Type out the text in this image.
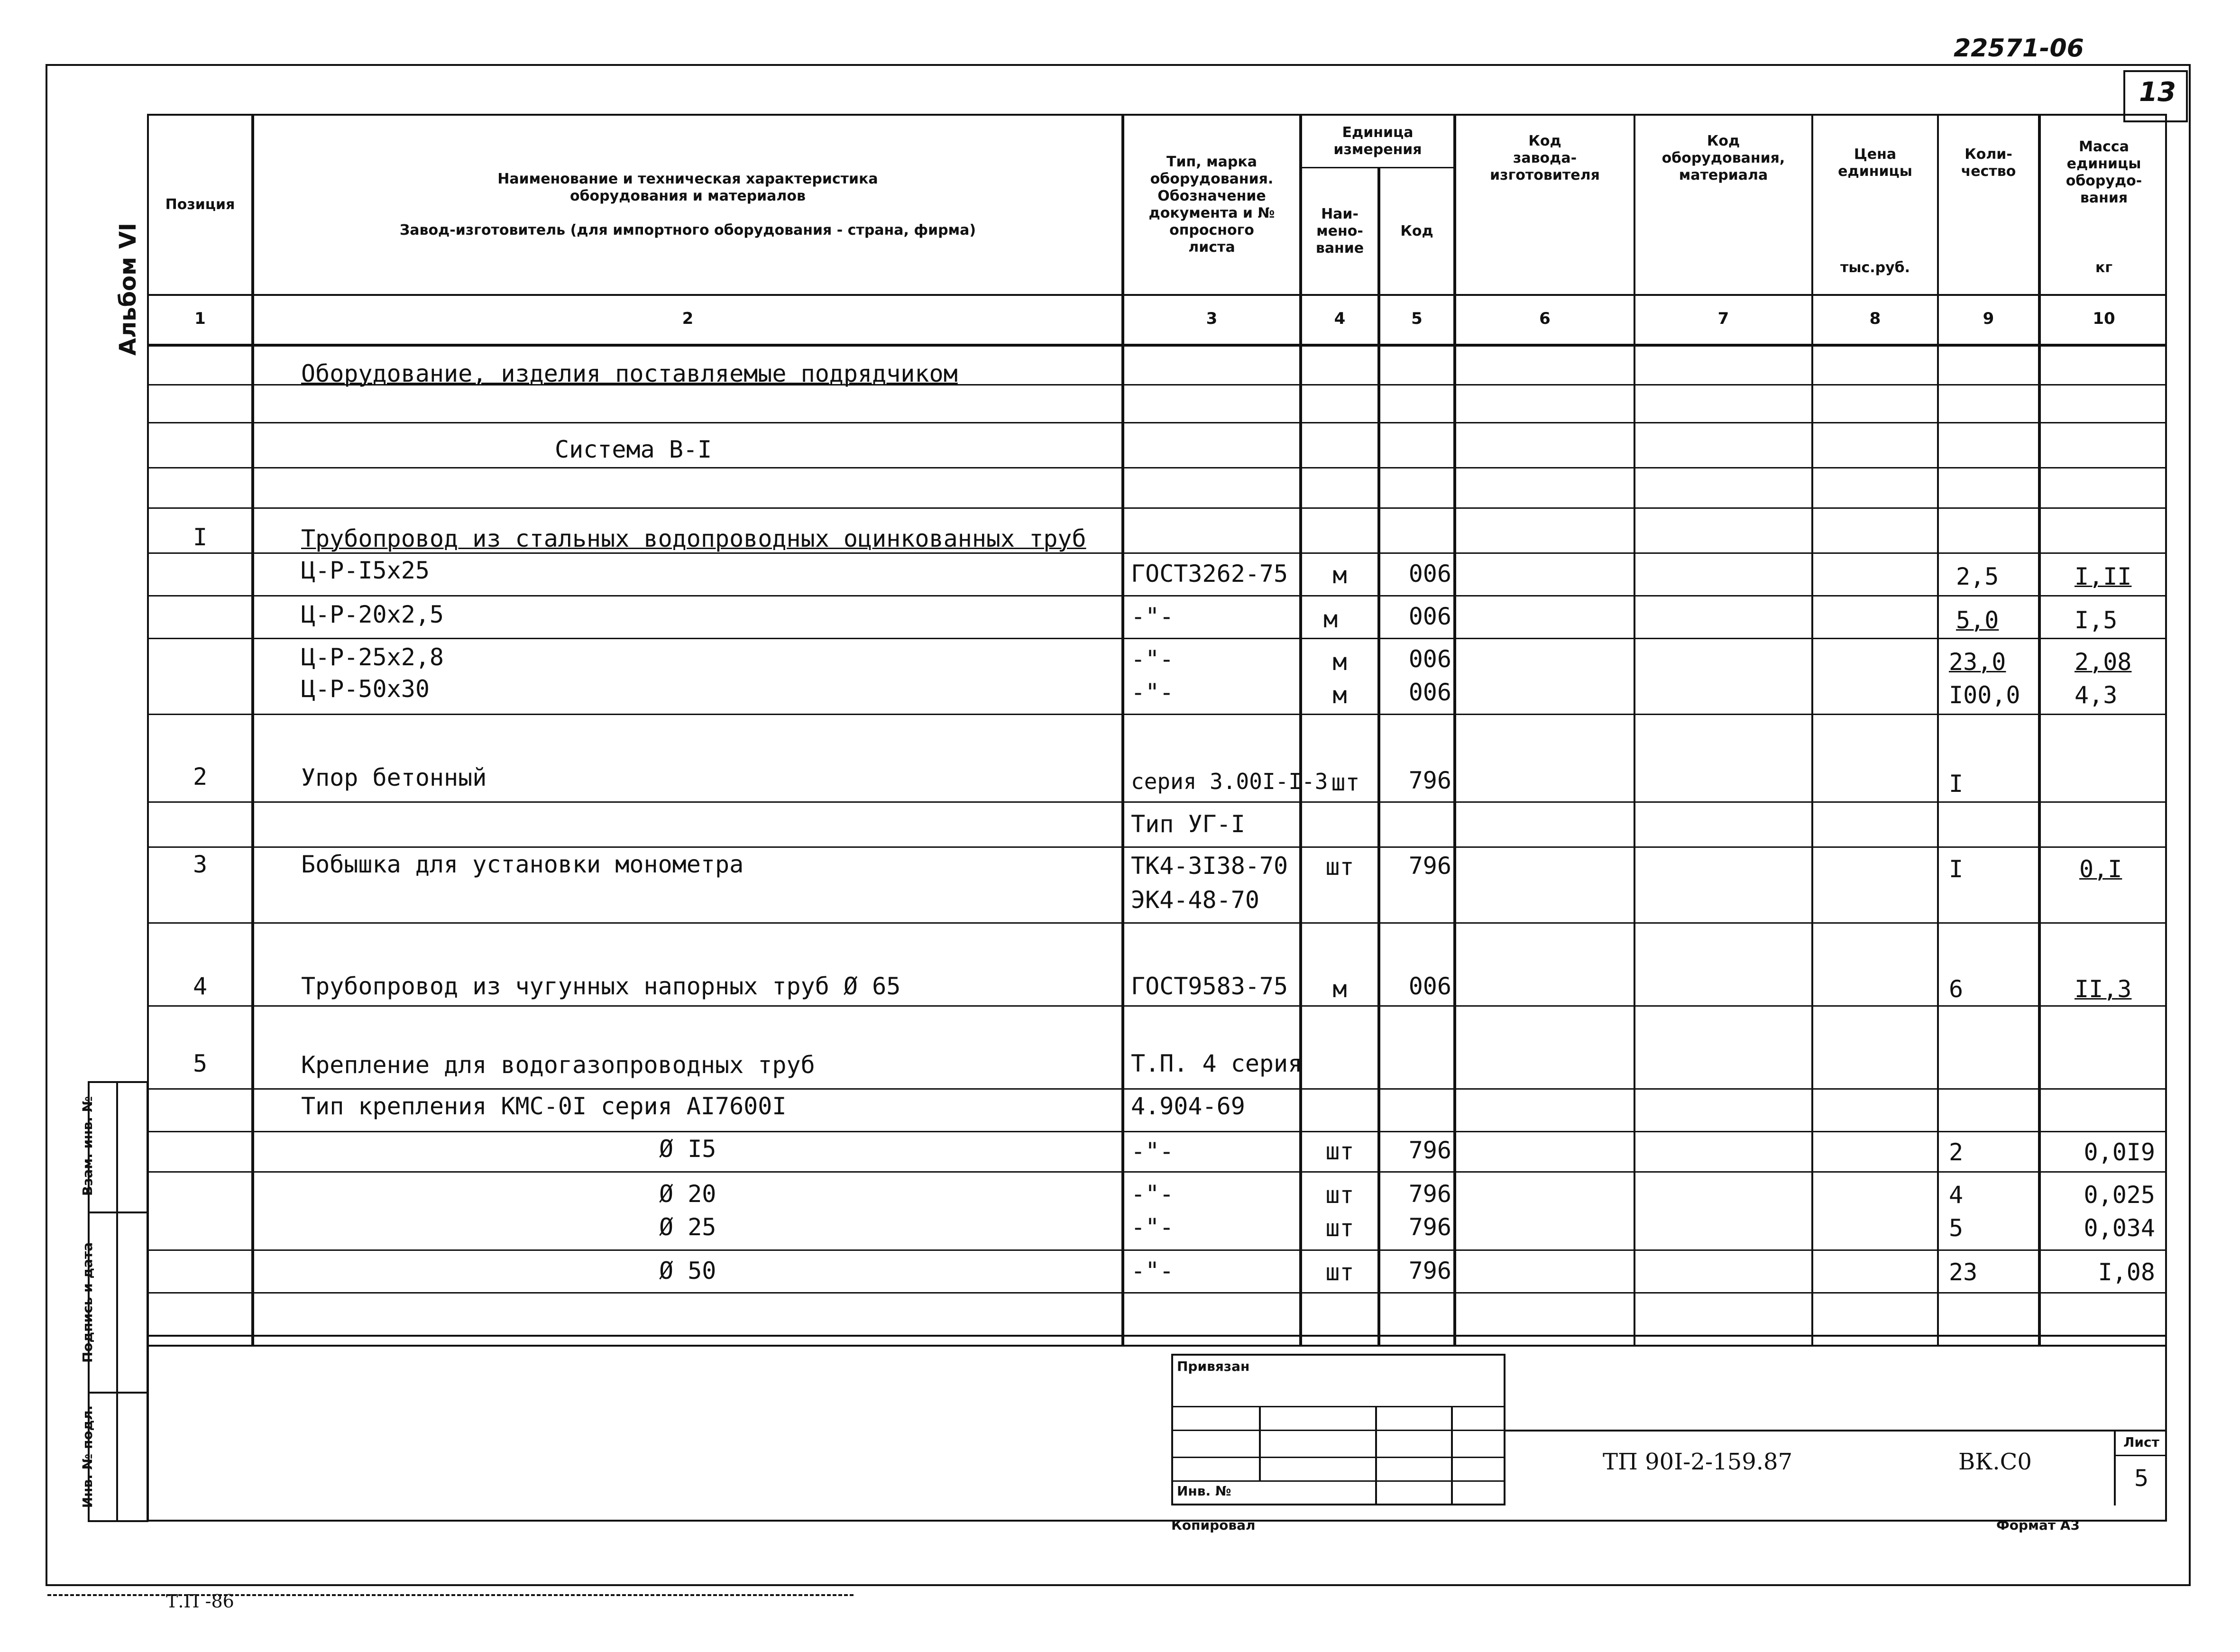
22571-06
13
Т.П -86
Альбом VI
Позиция
Наименование и техническая характеристика
оборудования и материалов

Завод-изготовитель (для импортного оборудования - страна, фирма)
Тип, марка
оборудования.
Обозначение
документа и №
опросного
листа
Единица
измерения
Наи-
мено-
вание
Код
Код
завода-
изготовителя
Код
оборудования,
материала
Цена
единицы
тыс.руб.
Коли-
чество
Масса
единицы
оборудо-
вания
кг
1	2	3	4	5	6	7	8	9	10
Оборудование, изделия поставляемые подрядчиком
Система В-I
I	Трубопровод из стальных водопроводных оцинкованных труб
Ц-Р-I5х25	ГОСТ3262-75	м	006	2,5	I,II
Ц-Р-20х2,5	-"-	м	006	5,0	I,5
Ц-Р-25х2,8	-"-	м	006	23,0	2,08
Ц-Р-50х30	-"-	м	006	I00,0 4,3
2	Упор бетонный	серия 3.00I-I-3 шт	796	I
Тип УГ-I
3	Бобышка для установки монометра	ТК4-3I38-70	шт	796	I	0,I
ЭК4-48-70
4	Трубопровод из чугунных напорных труб Ø 65	ГОСТ9583-75	м	006	6	II,3
5	Крепление для водогазопроводных труб	Т.П. 4 серия
Тип крепления КМС-0I серия АI7600I	4.904-69
Ø I5	-"-	шт	796	2	0,0I9
Ø 20	-"-	шт	796	4	0,025
Ø 25	-"-	шт	796	5	0,034
Ø 50	-"-	шт	796	23	I,08
Взам. инв. №
Подпись и дата
Инв. № подл.
Привязан
Инв. №
ТП 90I-2-159.87	ВК.С0
Лист
5
Копировал	Формат А3
